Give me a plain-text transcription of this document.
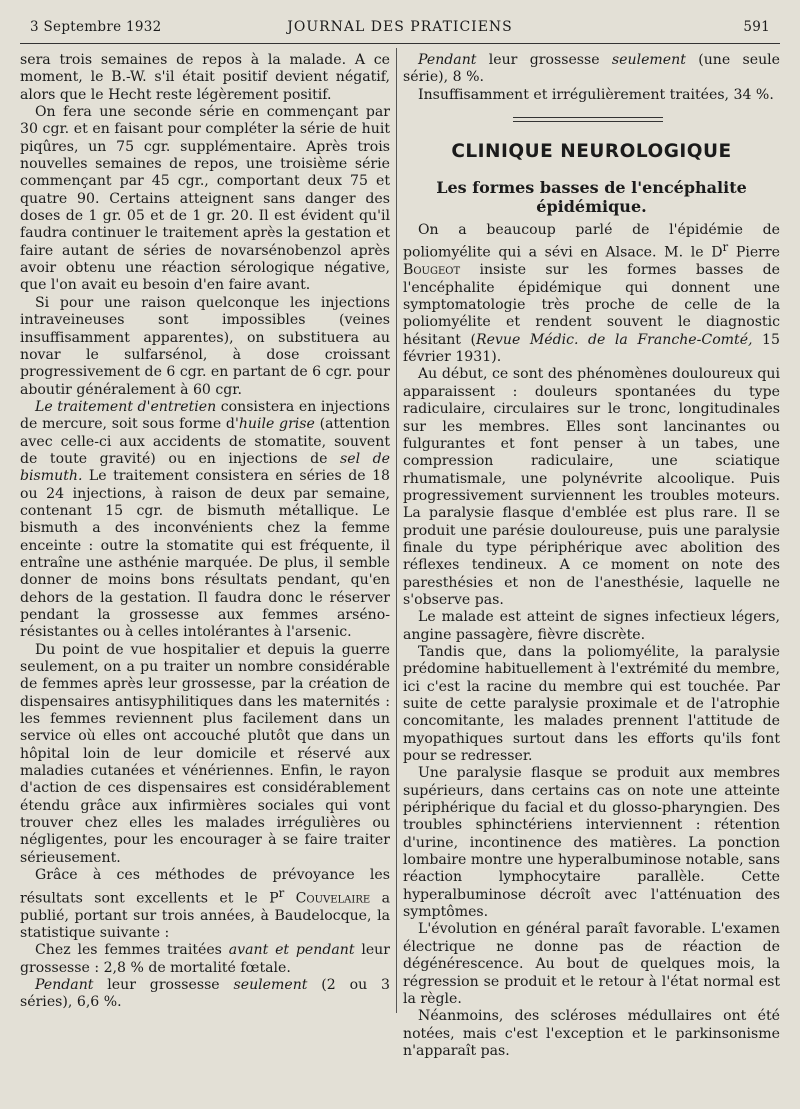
3 Septembre 1932	JOURNAL DES PRATICIENS	591

sera trois semaines de repos à la malade. A ce moment, le B.-W. s'il était positif devient négatif, alors que le Hecht reste légèrement positif.

On fera une seconde série en commençant par 30 cgr. et en faisant pour compléter la série de huit piqûres, un 75 cgr. supplémentaire. Après trois nouvelles semaines de repos, une troisième série commençant par 45 cgr., comportant deux 75 et quatre 90. Certains atteignent sans danger des doses de 1 gr. 05 et de 1 gr. 20. Il est évident qu'il faudra continuer le traitement après la gestation et faire autant de séries de novarsénobenzol après avoir obtenu une réaction sérologique négative, que l'on avait eu besoin d'en faire avant.

Si pour une raison quelconque les injections intraveineuses sont impossibles (veines insuffisamment apparentes), on substituera au novar le sulfarsénol, à dose croissant progressivement de 6 cgr. en partant de 6 cgr. pour aboutir généralement à 60 cgr.

Le traitement d'entretien consistera en injections de mercure, soit sous forme d'huile grise (attention avec celle-ci aux accidents de stomatite, souvent de toute gravité) ou en injections de sel de bismuth. Le traitement consistera en séries de 18 ou 24 injections, à raison de deux par semaine, contenant 15 cgr. de bismuth métallique. Le bismuth a des inconvénients chez la femme enceinte : outre la stomatite qui est fréquente, il entraîne une asthénie marquée. De plus, il semble donner de moins bons résultats pendant, qu'en dehors de la gestation. Il faudra donc le réserver pendant la grossesse aux femmes arséno-résistantes ou à celles intolérantes à l'arsenic.

Du point de vue hospitalier et depuis la guerre seulement, on a pu traiter un nombre considérable de femmes après leur grossesse, par la création de dispensaires antisyphilitiques dans les maternités : les femmes reviennent plus facilement dans un service où elles ont accouché plutôt que dans un hôpital loin de leur domicile et réservé aux maladies cutanées et vénériennes. Enfin, le rayon d'action de ces dispensaires est considérablement étendu grâce aux infirmières sociales qui vont trouver chez elles les malades irrégulières ou négligentes, pour les encourager à se faire traiter sérieusement.

Grâce à ces méthodes de prévoyance les résultats sont excellents et le $P^r$ Couvelaire a publié, portant sur trois années, à Baudelocque, la statistique suivante :

Chez les femmes traitées avant et pendant leur grossesse : 2,8 % de mortalité fœtale.

Pendant leur grossesse seulement (2 ou 3 séries), 6,6 %.

Pendant leur grossesse seulement (une seule série), 8 %.

Insuffisamment et irrégulièrement traitées, 34 %.

CLINIQUE NEUROLOGIQUE
Les formes basses de l'encéphalite épidémique.

On a beaucoup parlé de l'épidémie de poliomyélite qui a sévi en Alsace. M. le $D^r$ Pierre Bougeot insiste sur les formes basses de l'encéphalite épidémique qui donnent une symptomatologie très proche de celle de la poliomyélite et rendent souvent le diagnostic hésitant (Revue Médic. de la Franche-Comté, 15 février 1931).

Au début, ce sont des phénomènes douloureux qui apparaissent : douleurs spontanées du type radiculaire, circulaires sur le tronc, longitudinales sur les membres. Elles sont lancinantes ou fulgurantes et font penser à un tabes, une compression radiculaire, une sciatique rhumatismale, une polynévrite alcoolique. Puis progressivement surviennent les troubles moteurs. La paralysie flasque d'emblée est plus rare. Il se produit une parésie douloureuse, puis une paralysie finale du type périphérique avec abolition des réflexes tendineux. A ce moment on note des paresthésies et non de l'anesthésie, laquelle ne s'observe pas.

Le malade est atteint de signes infectieux légers, angine passagère, fièvre discrète.

Tandis que, dans la poliomyélite, la paralysie prédomine habituellement à l'extrémité du membre, ici c'est la racine du membre qui est touchée. Par suite de cette paralysie proximale et de l'atrophie concomitante, les malades prennent l'attitude de myopathiques surtout dans les efforts qu'ils font pour se redresser.

Une paralysie flasque se produit aux membres supérieurs, dans certains cas on note une atteinte périphérique du facial et du glosso-pharyngien. Des troubles sphinctériens interviennent : rétention d'urine, incontinence des matières. La ponction lombaire montre une hyperalbuminose notable, sans réaction lymphocytaire parallèle. Cette hyperalbuminose décroît avec l'atténuation des symptômes.

L'évolution en général paraît favorable. L'examen électrique ne donne pas de réaction de dégénérescence. Au bout de quelques mois, la régression se produit et le retour à l'état normal est la règle.

Néanmoins, des scléroses médullaires ont été notées, mais c'est l'exception et le parkinsonisme n'apparaît pas.
